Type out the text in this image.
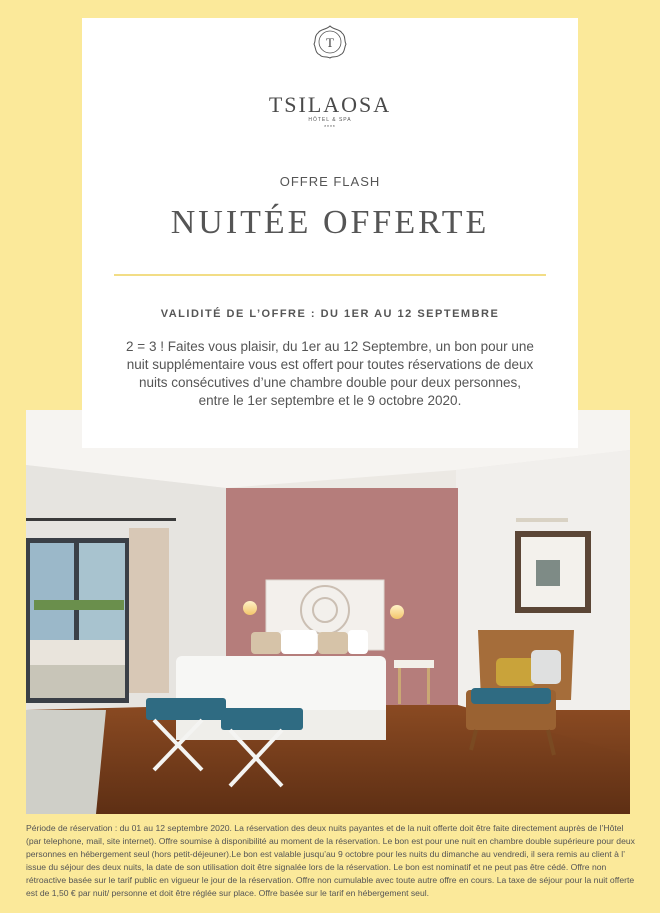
T
TSILAOSA
HÔTEL & SPA
****
OFFRE FLASH
NUITÉE OFFERTE
VALIDITÉ DE L’OFFRE : DU 1ER AU 12 SEPTEMBRE
2 = 3 ! Faites vous plaisir, du 1er au 12 Septembre, un bon pour une nuit supplémentaire vous est offert pour toutes réservations de deux nuits consécutives d’une chambre double pour deux personnes, entre le 1er septembre et le 9 octobre 2020.
Période de réservation : du 01 au 12 septembre 2020. La réservation des deux nuits payantes et de la nuit offerte doit être faite directement auprès de l’Hôtel (par telephone, mail, site internet). Offre soumise à disponibilité au moment de la réservation. Le bon est pour une nuit en chambre double supérieure pour deux personnes en hébergement seul (hors petit-déjeuner).Le bon est valable jusqu’au 9 octobre pour les nuits du dimanche au vendredi, il sera remis au client à l’ issue du séjour des deux nuits, la date de son utilisation doit être signalée lors de la réservation. Le bon est nominatif et ne peut pas être cédé. Offre non rétroactive basée sur le tarif public en vigueur le jour de la réservation. Offre non cumulable avec toute autre offre en cours. La taxe de séjour pour la nuit offerte est de 1,50 € par nuit/ personne et doit être réglée sur place. Offre basée sur le tarif en hébergement seul.
